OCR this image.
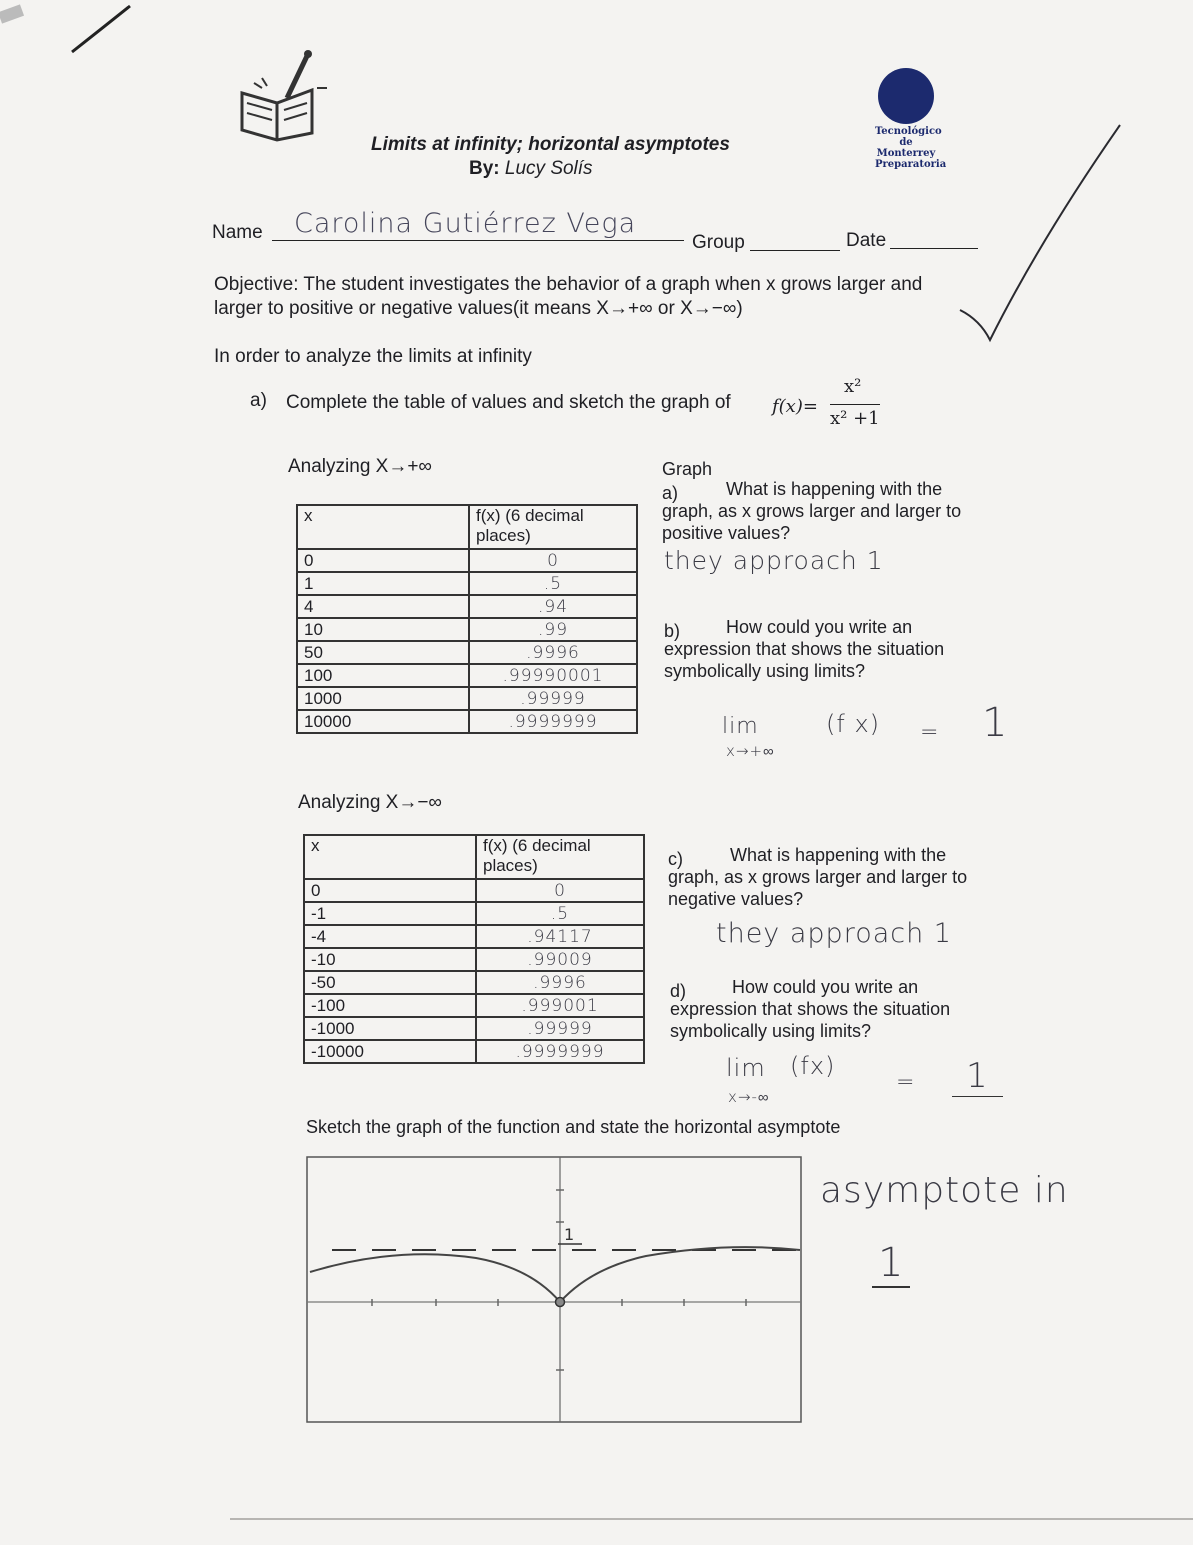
Limits at infinity; horizontal asymptotes
By: Lucy Solís
Tecnológico
de Monterrey
Preparatoria
Name Carolina Gutiérrez Vega
Group	Date
Objective: The student investigates the behavior of a graph when x grows larger and
larger to positive or negative values(it means X→+∞ or X→−∞)
In order to analyze the limits at infinity
a) Complete the table of values and sketch the graph of f(x)=
x²
x² +1
Analyzing X→+∞
x	f(x) (6 decimal places)
0	0
1	.5
4	.94
10	.99
50	.9996
100	.99990001
1000	.99999
10000	.9999999
Analyzing X→−∞
x	f(x) (6 decimal places)
0	0
-1	.5
-4	.94117
-10	.99009
-50	.9996
-100	.999001
-1000	.99999
-10000	.9999999
Graph
a)	What is happening with the graph, as x grows larger and larger to positive values?
they approach 1
b)	How could you write an expression that shows the situation symbolically using limits?
lim
x→+∞
(f x) = 1
c)	What is happening with the graph, as x grows larger and larger to negative values?
they approach 1
d)	How could you write an expression that shows the situation symbolically using limits?
lim
x→-∞
(fx)
=	1
Sketch the graph of the function and state the horizontal asymptote
1
asymptote in
1
